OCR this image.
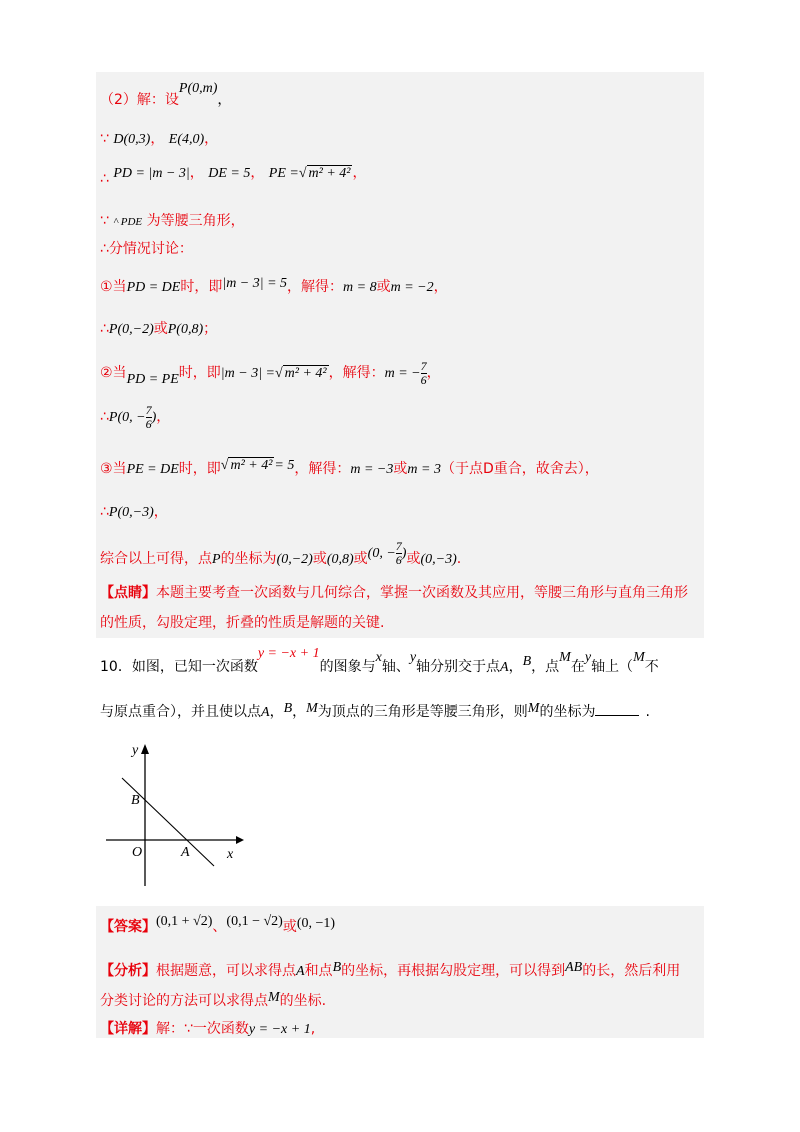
（2）解：设P(0,m)，
∵ D(0,3)， E(4,0)，
∴ PD = |m − 3|， DE = 5， PE =√ m² + 4² ，
∵ ^ PDE 为等腰三角形，
∴分情况讨论：
①当PD = DE时，即|m − 3| = 5，解得：m = 8或m = −2，
∴P(0,−2)或P(0,8)；
②当PD = PE时，即|m − 3| =√ m² + 4² ，解得：m = − $\frac{7}{6}$ ，
∴P(0, − $\frac{7}{6}$ )，
③当PE = DE时，即√ m² + 4² = 5，解得：m = −3或m = 3（于点D重合，故舍去），
∴P(0,−3)，
综合以上可得，点P的坐标为(0,−2)或(0,8)或(0, − $\frac{7}{6}$ )或(0,−3).
【点睛】本题主要考查一次函数与几何综合，掌握一次函数及其应用，等腰三角形与直角三角形
的性质，勾股定理，折叠的性质是解题的关键.
10．如图，已知一次函数y = −x + 1的图象与x轴、y轴分别交于点A，B，点M在y轴上（M不
与原点重合），并且使以点A，B，M为顶点的三角形是等腰三角形，则M的坐标为	.
y
x
O	A
B
【答案】(0,1 + √2)、(0,1 − √2)或(0, −1)
【分析】根据题意，可以求得点A和点B的坐标，再根据勾股定理，可以得到AB的长，然后利用
分类讨论的方法可以求得点M的坐标.
【详解】解：∵一次函数y = −x + 1,
